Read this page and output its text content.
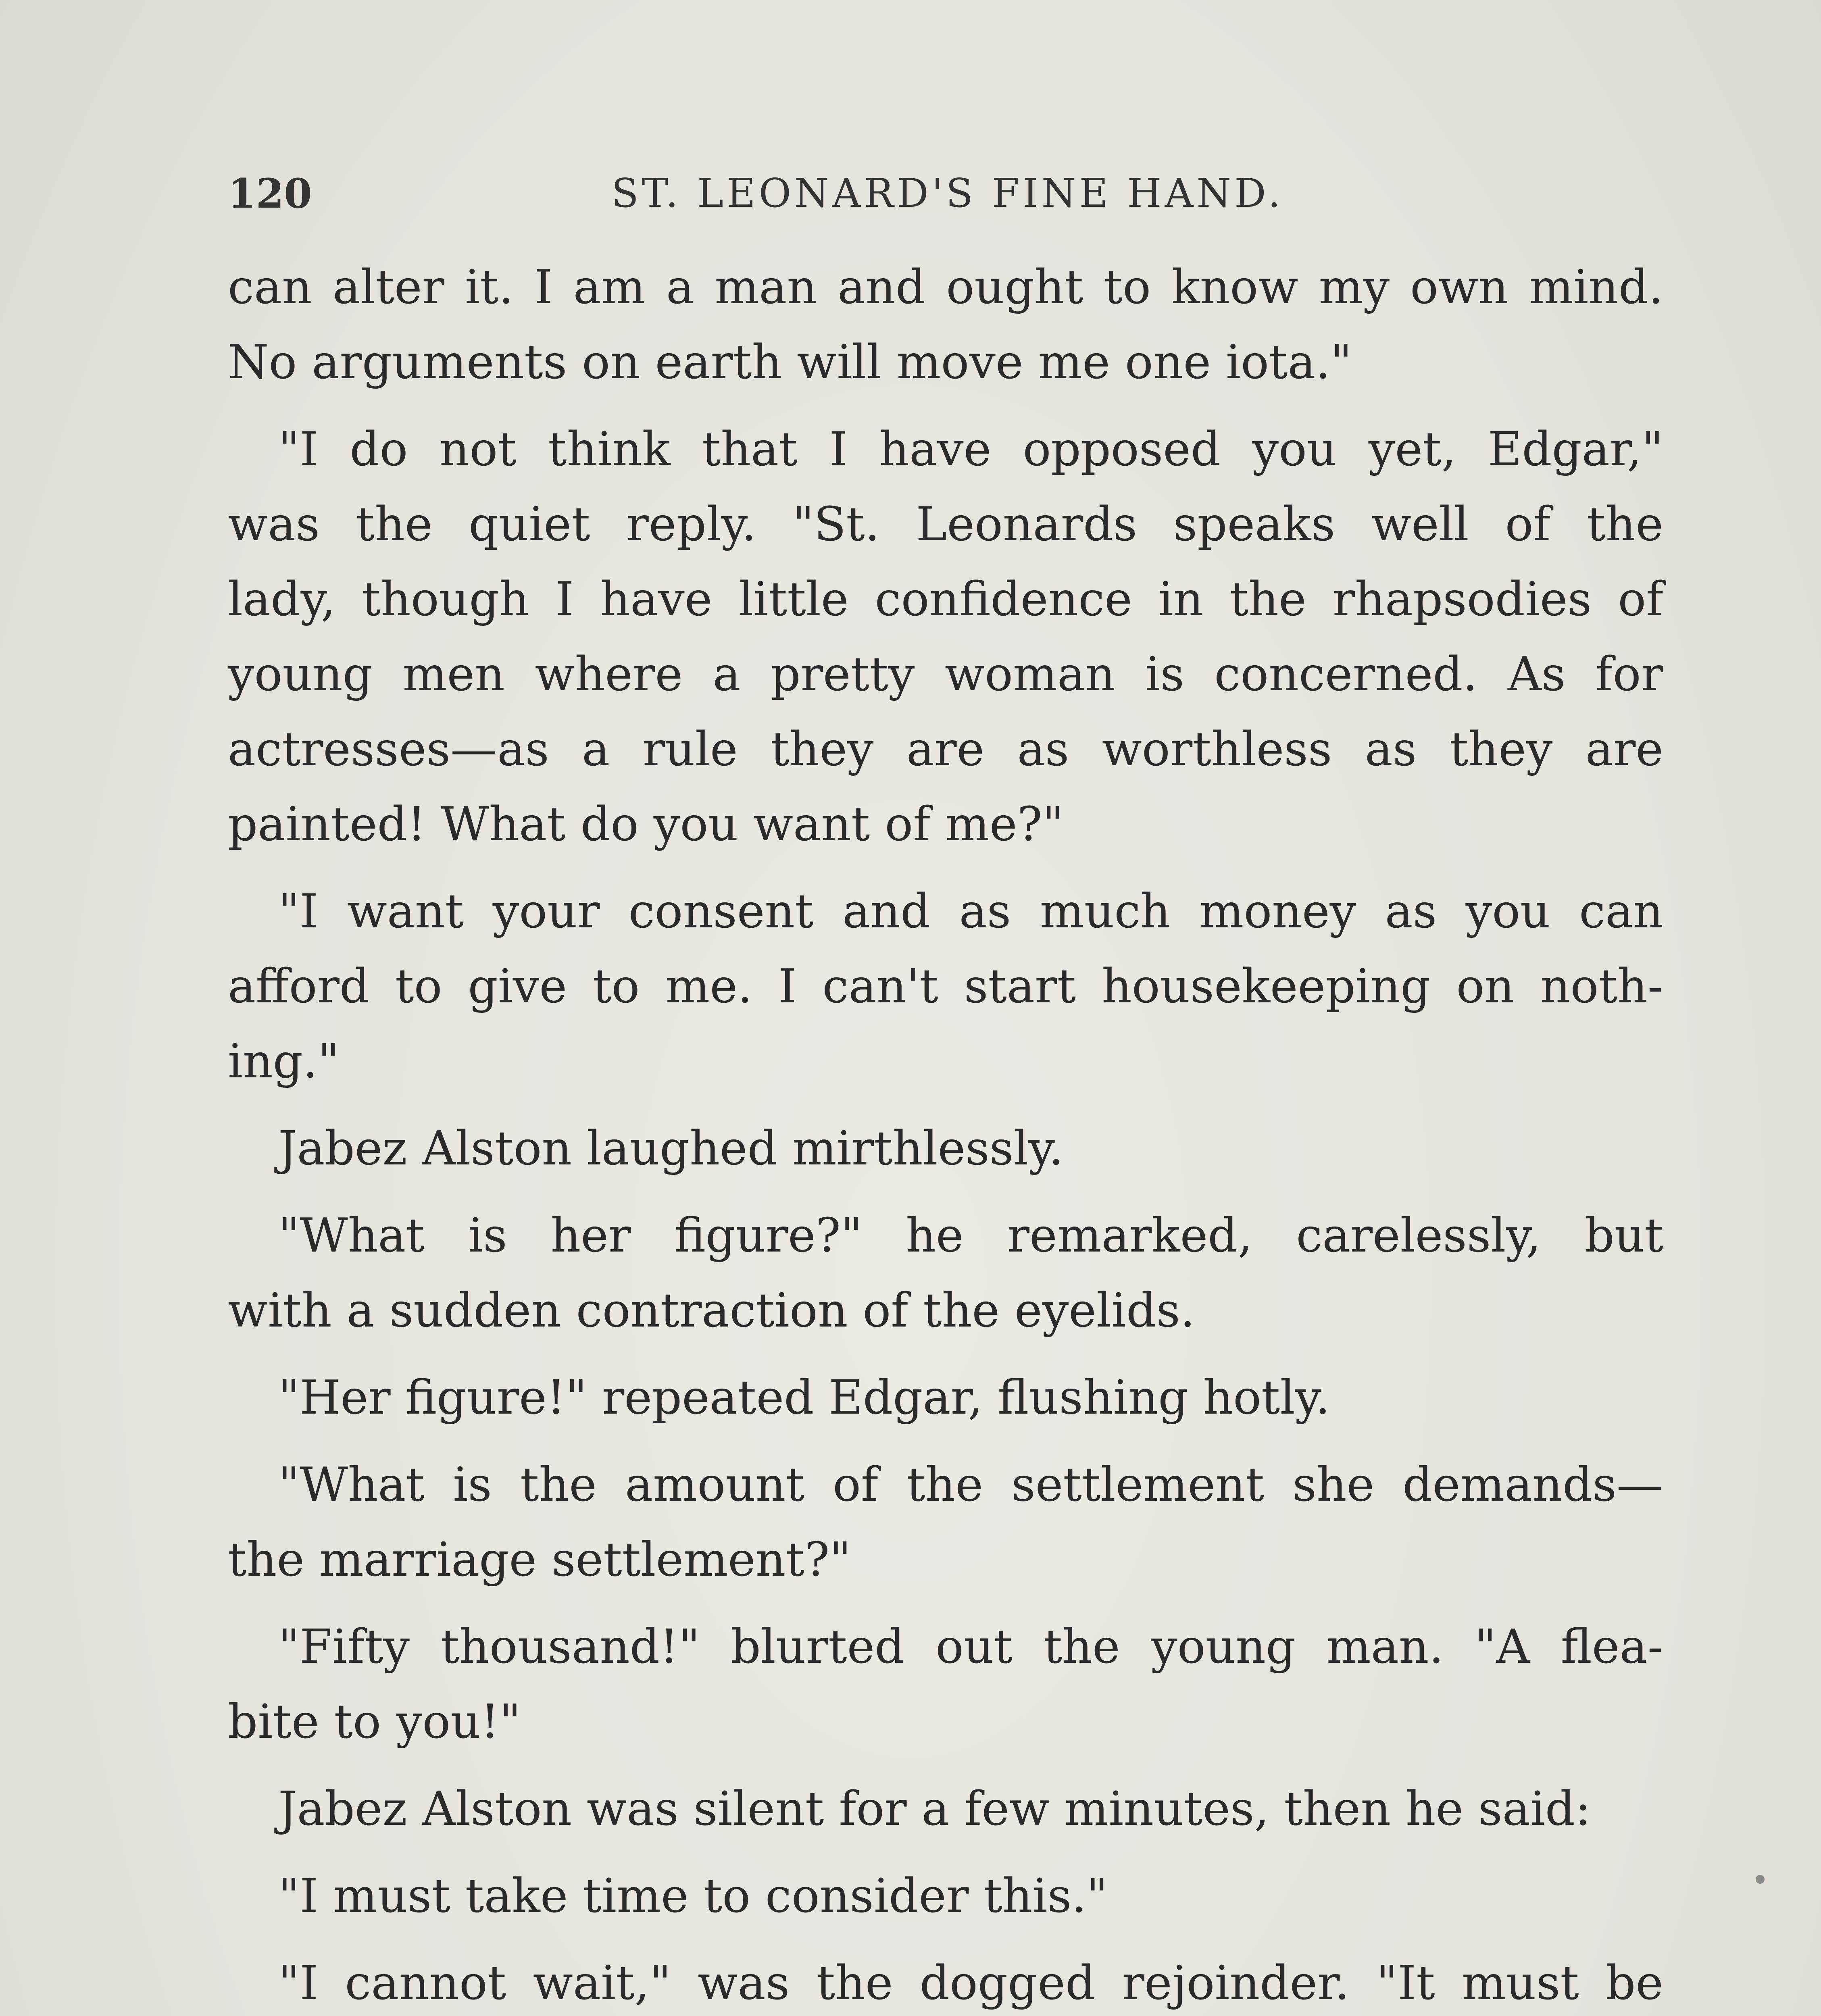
120	ST. LEONARD'S FINE HAND.

can alter it. I am a man and ought to know my own mind.
No arguments on earth will move me one iota."

"I do not think that I have opposed you yet, Edgar,"
was the quiet reply. "St. Leonards speaks well of the
lady, though I have little confidence in the rhapsodies of
young men where a pretty woman is concerned. As for
actresses—as a rule they are as worthless as they are
painted! What do you want of me?"

"I want your consent and as much money as you can
afford to give to me. I can't start housekeeping on noth-
ing."

Jabez Alston laughed mirthlessly.

"What is her figure?" he remarked, carelessly, but
with a sudden contraction of the eyelids.

"Her figure!" repeated Edgar, flushing hotly.

"What is the amount of the settlement she demands—
the marriage settlement?"

"Fifty thousand!" blurted out the young man. "A flea-
bite to you!"

Jabez Alston was silent for a few minutes, then he said:

"I must take time to consider this."

"I cannot wait," was the dogged rejoinder. "It must be
